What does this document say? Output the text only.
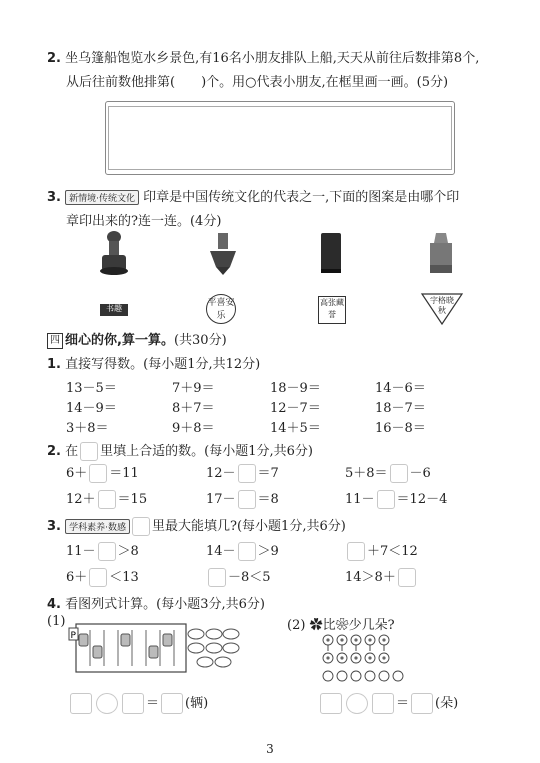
2. 坐乌篷船饱览水乡景色,有16名小朋友排队上船,天天从前往后数排第8个,
从后往前数他排第(　　)个。用○代表小朋友,在框里画一画。(5分)
3. 新情境·传统文化 印章是中国传统文化的代表之一,下面的图案是由哪个印
章印出来的?连一连。(4分)
书趣
平喜安乐
高张藏誉
字格晓秋
四 细心的你,算一算。(共30分)
1. 直接写得数。(每小题1分,共12分)
13－5＝	7＋9＝	18－9＝	14－6＝
14－9＝	8＋7＝	12－7＝	18－7＝
3＋8＝	9＋8＝	14＋5＝	16－8＝
2. 在 里填上合适的数。(每小题1分,共6分)
6＋ ＝11	12－ ＝7	5＋8＝ －6
12＋ ＝15	17－ ＝8	11－ ＝12－4
3. 学科素养·数感 里最大能填几?(每小题1分,共6分)
11－ ＞8	14－ ＞9	＋7＜12
6＋ ＜13	－8＜5	14＞8＋
4. 看图列式计算。(每小题3分,共6分)
(1)
P
(2) ✿比❀少几朵?
＝ (辆)	＝ (朵)
3
